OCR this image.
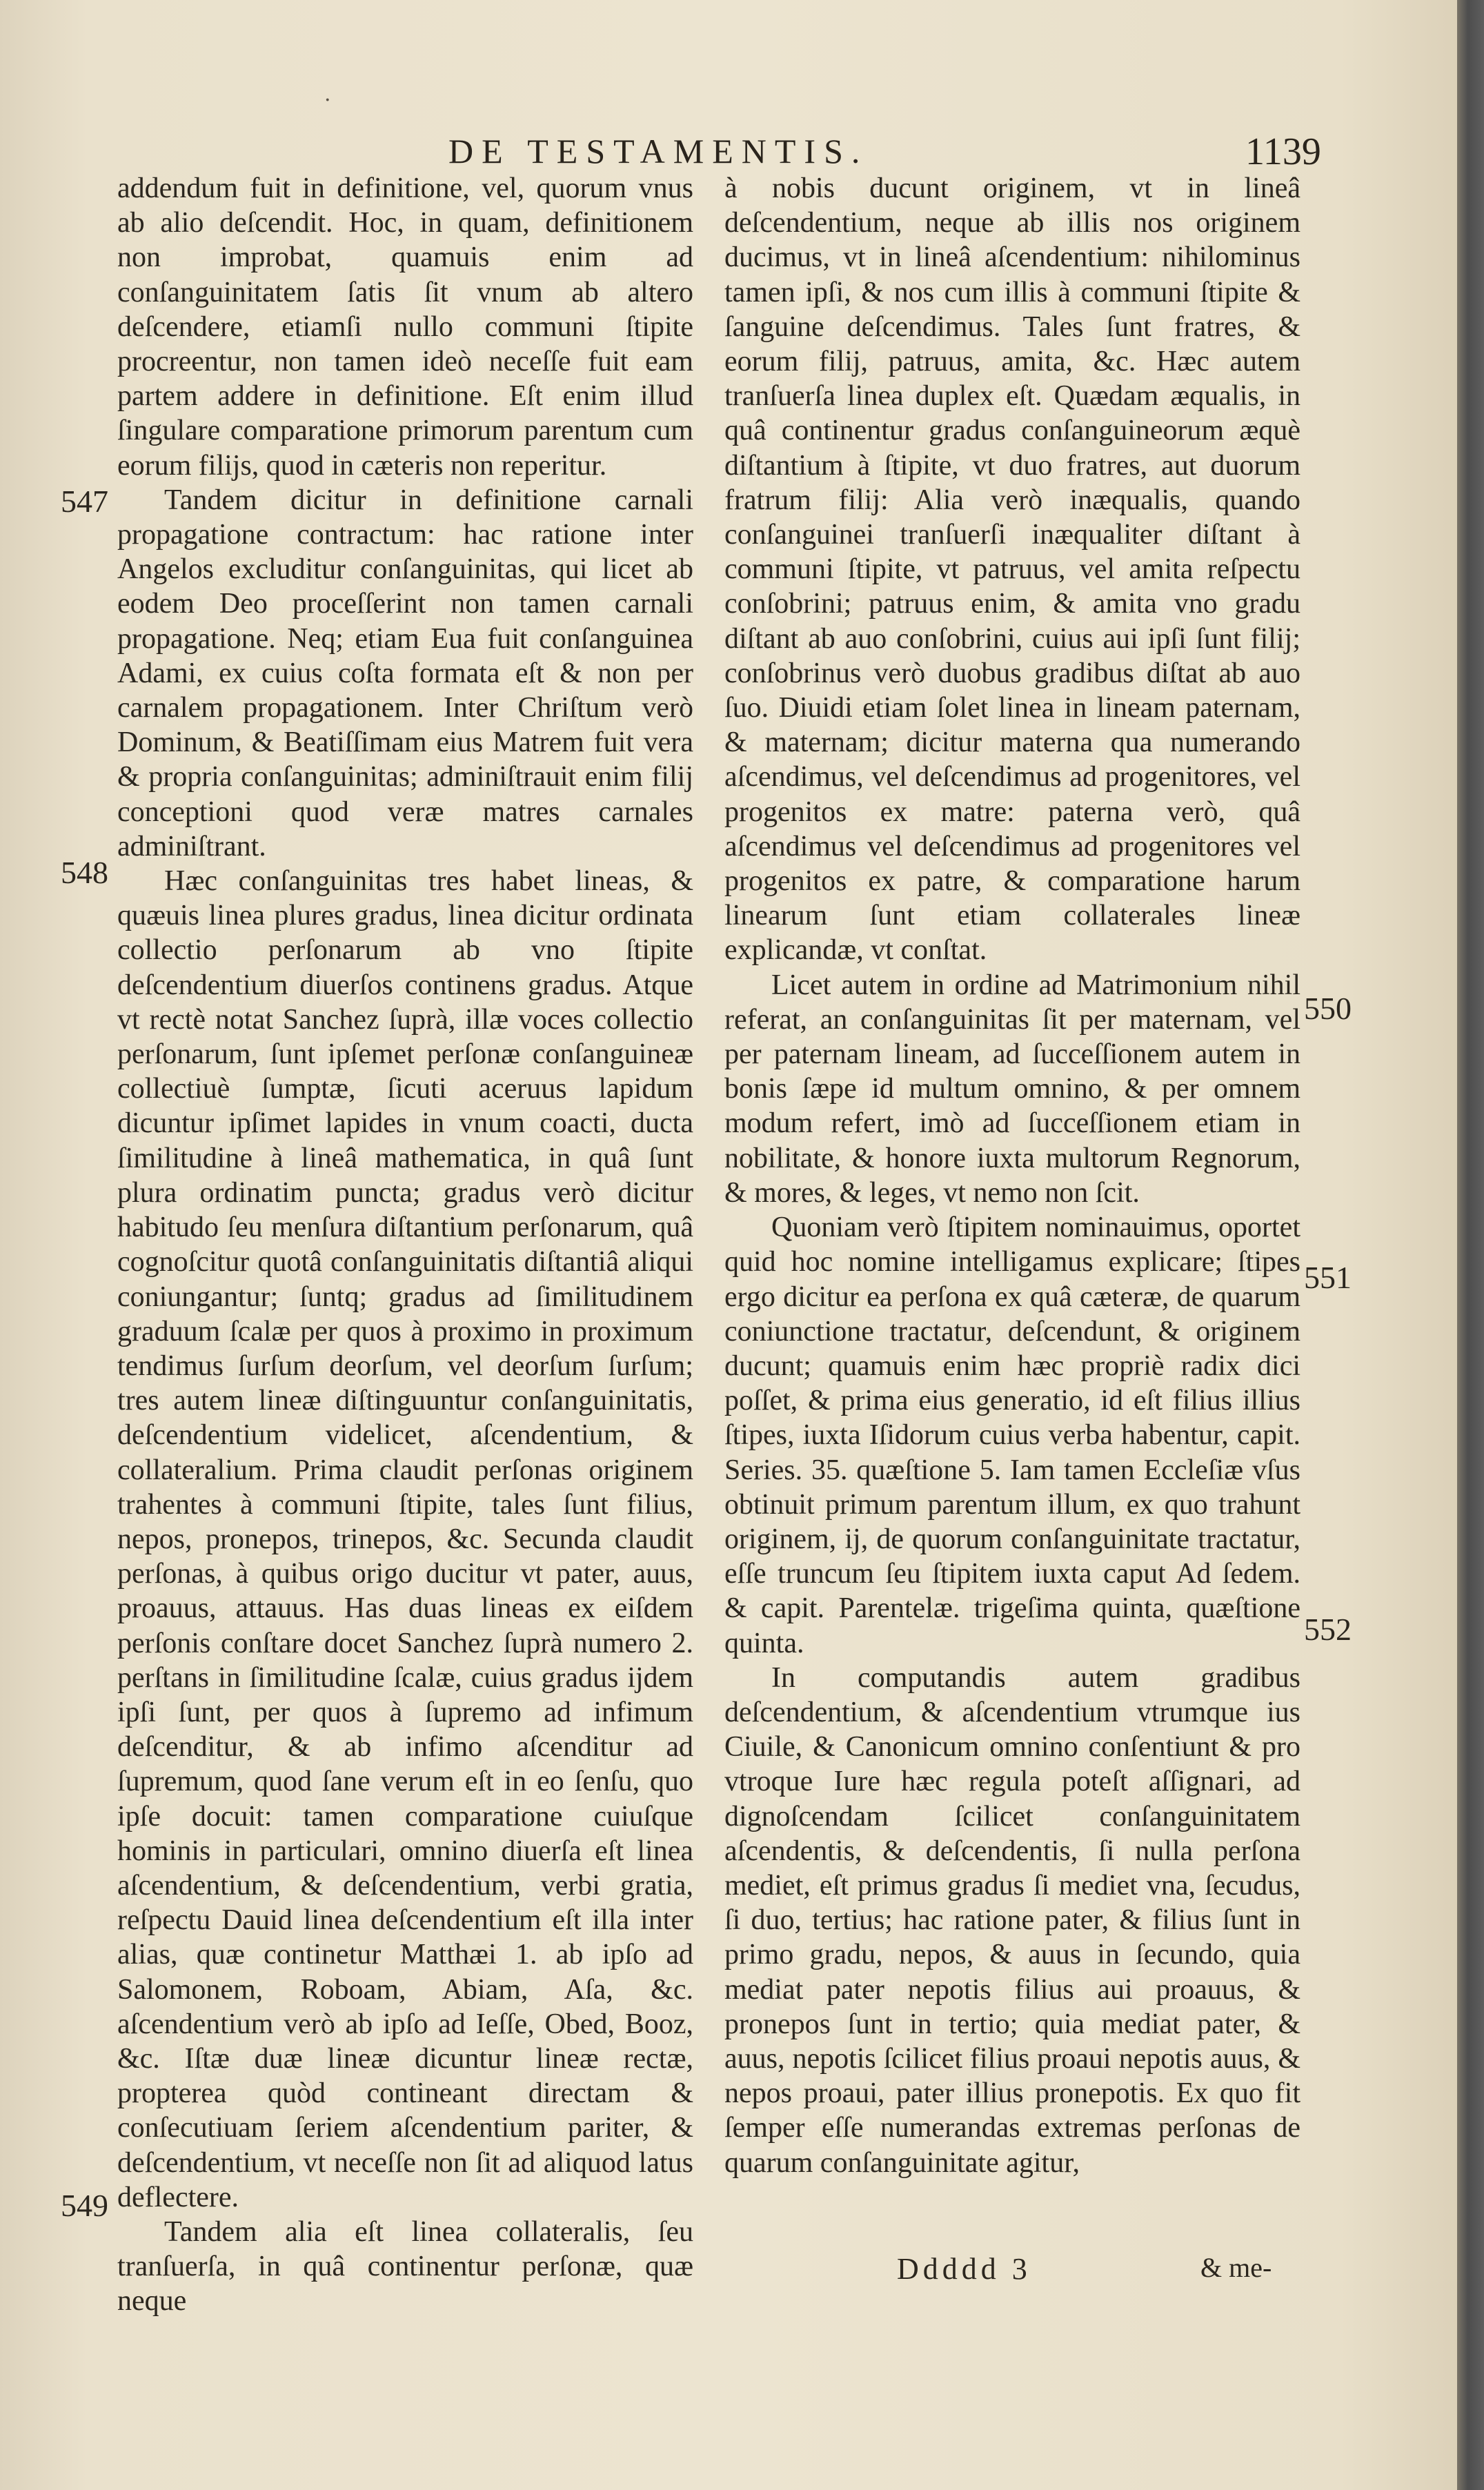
DE TESTAMENTIS.	1139
·

addendum fuit in definitione, vel, quorum vnus ab alio deſcendit. Hoc, in quam, definitionem non improbat, quamuis enim ad conſanguinitatem ſatis ſit vnum ab altero deſcendere, etiamſi nullo communi ſtipite procreentur, non tamen ideò neceſſe fuit eam partem addere in definitione. Eſt enim illud ſingulare comparatione primorum parentum cum eorum filijs, quod in cæteris non reperitur.

Tandem dicitur in definitione carnali propagatione contractum: hac ratione inter Angelos excluditur conſanguinitas, qui licet ab eodem Deo proceſſerint non tamen carnali propagatione. Neq; etiam Eua fuit conſanguinea Adami, ex cuius coſta formata eſt & non per carnalem propagationem. Inter Chriſtum verò Dominum, & Beatiſſimam eius Matrem fuit vera & propria conſanguinitas; adminiſtrauit enim filij conceptioni quod veræ matres carnales adminiſtrant.

Hæc conſanguinitas tres habet lineas, & quæuis linea plures gradus, linea dicitur ordinata collectio perſonarum ab vno ſtipite deſcendentium diuerſos continens gradus. Atque vt rectè notat Sanchez ſuprà, illæ voces collectio perſonarum, ſunt ipſemet perſonæ conſanguineæ collectiuè ſumptæ, ſicuti aceruus lapidum dicuntur ipſimet lapides in vnum coacti, ducta ſimilitudine à lineâ mathematica, in quâ ſunt plura ordinatim puncta; gradus verò dicitur habitudo ſeu menſura diſtantium perſonarum, quâ cognoſcitur quotâ conſanguinitatis diſtantiâ aliqui coniungantur; ſuntq; gradus ad ſimilitudinem graduum ſcalæ per quos à proximo in proximum tendimus ſurſum deorſum, vel deorſum ſurſum; tres autem lineæ diſtinguuntur conſanguinitatis, deſcendentium videlicet, aſcendentium, & collateralium. Prima claudit perſonas originem trahentes à communi ſtipite, tales ſunt filius, nepos, pronepos, trinepos, &c. Secunda claudit perſonas, à quibus origo ducitur vt pater, auus, proauus, attauus. Has duas lineas ex eiſdem perſonis conſtare docet Sanchez ſuprà numero 2. perſtans in ſimilitudine ſcalæ, cuius gradus ijdem ipſi ſunt, per quos à ſupremo ad infimum deſcenditur, & ab infimo aſcenditur ad ſupremum, quod ſane verum eſt in eo ſenſu, quo ipſe docuit: tamen comparatione cuiuſque hominis in particulari, omnino diuerſa eſt linea aſcendentium, & deſcendentium, verbi gratia, reſpectu Dauid linea deſcendentium eſt illa inter alias, quæ continetur Matthæi 1. ab ipſo ad Salomonem, Roboam, Abiam, Aſa, &c. aſcendentium verò ab ipſo ad Ieſſe, Obed, Booz, &c. Iſtæ duæ lineæ dicuntur lineæ rectæ, propterea quòd contineant directam & conſecutiuam ſeriem aſcendentium pariter, & deſcendentium, vt neceſſe non ſit ad aliquod latus deflectere.

Tandem alia eſt linea collateralis, ſeu tranſuerſa, in quâ continentur perſonæ, quæ neque

à nobis ducunt originem, vt in lineâ deſcendentium, neque ab illis nos originem ducimus, vt in lineâ aſcendentium: nihilominus tamen ipſi, & nos cum illis à communi ſtipite & ſanguine deſcendimus. Tales ſunt fratres, & eorum filij, patruus, amita, &c. Hæc autem tranſuerſa linea duplex eſt. Quædam æqualis, in quâ continentur gradus conſanguineorum æquè diſtantium à ſtipite, vt duo fratres, aut duorum fratrum filij: Alia verò inæqualis, quando conſanguinei tranſuerſi inæqualiter diſtant à communi ſtipite, vt patruus, vel amita reſpectu conſobrini; patruus enim, & amita vno gradu diſtant ab auo conſobrini, cuius aui ipſi ſunt filij; conſobrinus verò duobus gradibus diſtat ab auo ſuo. Diuidi etiam ſolet linea in lineam paternam, & maternam; dicitur materna qua numerando aſcendimus, vel deſcendimus ad progenitores, vel progenitos ex matre: paterna verò, quâ aſcendimus vel deſcendimus ad progenitores vel progenitos ex patre, & comparatione harum linearum ſunt etiam collaterales lineæ explicandæ, vt conſtat.

Licet autem in ordine ad Matrimonium nihil referat, an conſanguinitas ſit per maternam, vel per paternam lineam, ad ſucceſſionem autem in bonis ſæpe id multum omnino, & per omnem modum refert, imò ad ſucceſſionem etiam in nobilitate, & honore iuxta multorum Regnorum, & mores, & leges, vt nemo non ſcit.

Quoniam verò ſtipitem nominauimus, oportet quid hoc nomine intelligamus explicare; ſtipes ergo dicitur ea perſona ex quâ cæteræ, de quarum coniunctione tractatur, deſcendunt, & originem ducunt; quamuis enim hæc propriè radix dici poſſet, & prima eius generatio, id eſt filius illius ſtipes, iuxta Iſidorum cuius verba habentur, capit. Series. 35. quæſtione 5. Iam tamen Eccleſiæ vſus obtinuit primum parentum illum, ex quo trahunt originem, ij, de quorum conſanguinitate tractatur, eſſe truncum ſeu ſtipitem iuxta caput Ad ſedem. & capit. Parentelæ. trigeſima quinta, quæſtione quinta.

In computandis autem gradibus deſcendentium, & aſcendentium vtrumque ius Ciuile, & Canonicum omnino conſentiunt & pro vtroque Iure hæc regula poteſt aſſignari, ad dignoſcendam ſcilicet conſanguinitatem aſcendentis, & deſcendentis, ſi nulla perſona mediet, eſt primus gradus ſi mediet vna, ſecudus, ſi duo, tertius; hac ratione pater, & filius ſunt in primo gradu, nepos, & auus in ſecundo, quia mediat pater nepotis filius aui proauus, & pronepos ſunt in tertio; quia mediat pater, & auus, nepotis ſcilicet filius proaui nepotis auus, & nepos proaui, pater illius pronepotis. Ex quo fit ſemper eſſe numerandas extremas perſonas de quarum conſanguinitate agitur,

547
548
549
550
551
552
Ddddd 3	& me-
